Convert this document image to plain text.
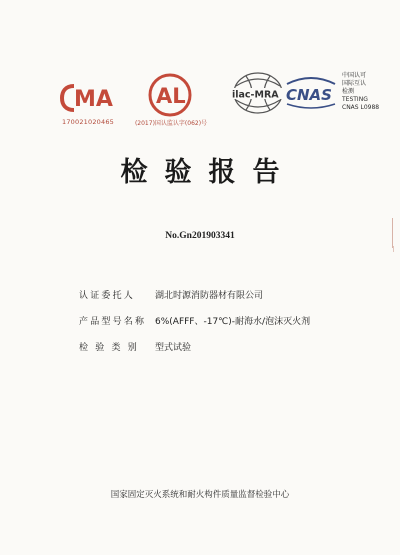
MA
170021020465
AL
(2017)国认监认字(062)号
ilac-MRA CNAS
中国认可
国际互认
检测
TESTING
CNAS L0988
检验报告
No.Gn201903341
认证委托人	湖北时源消防器材有限公司
产品型号名称 6%(AFFF、-17℃)-耐海水/泡沫灭火剂
检 验 类 别	型式试验
国家固定灭火系统和耐火构件质量监督检验中心
